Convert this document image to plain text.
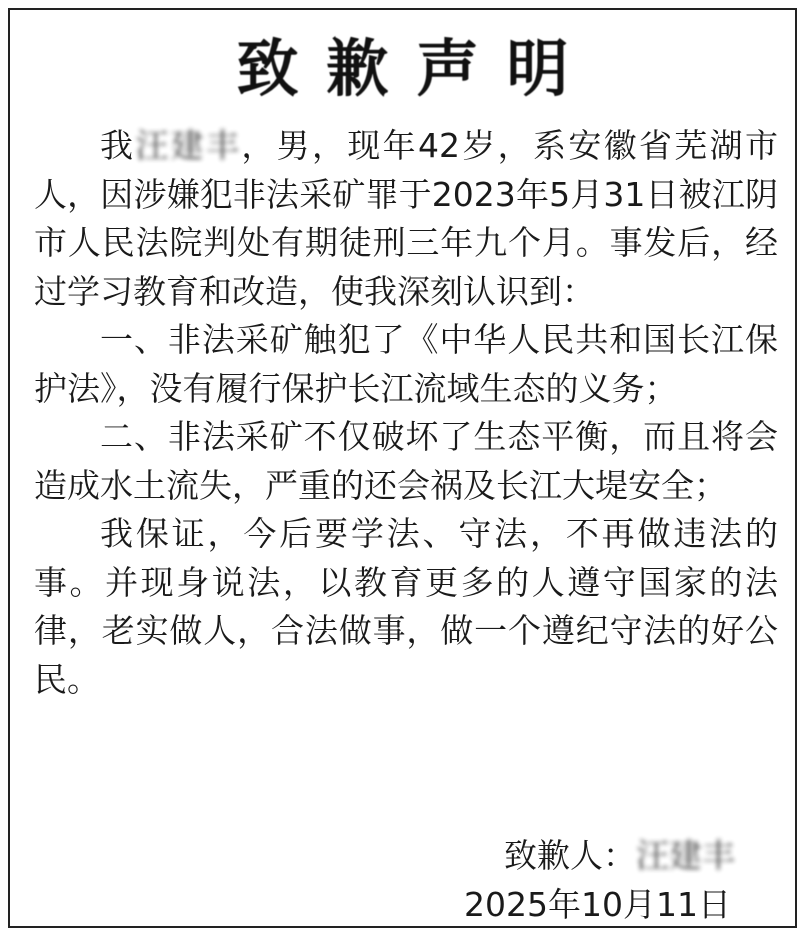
致歉声明

我汪建丰，男，现年42岁，系安徽省芜湖市人，因涉嫌犯非法采矿罪于2023年5月31日被江阴市人民法院判处有期徒刑三年九个月。事发后，经过学习教育和改造，使我深刻认识到：

一、非法采矿触犯了《中华人民共和国长江保护法》，没有履行保护长江流域生态的义务；

二、非法采矿不仅破坏了生态平衡，而且将会造成水土流失，严重的还会祸及长江大堤安全；

我保证，今后要学法、守法，不再做违法的事。并现身说法，以教育更多的人遵守国家的法律，老实做人，合法做事，做一个遵纪守法的好公民。

致歉人：汪建丰
2025年10月11日
